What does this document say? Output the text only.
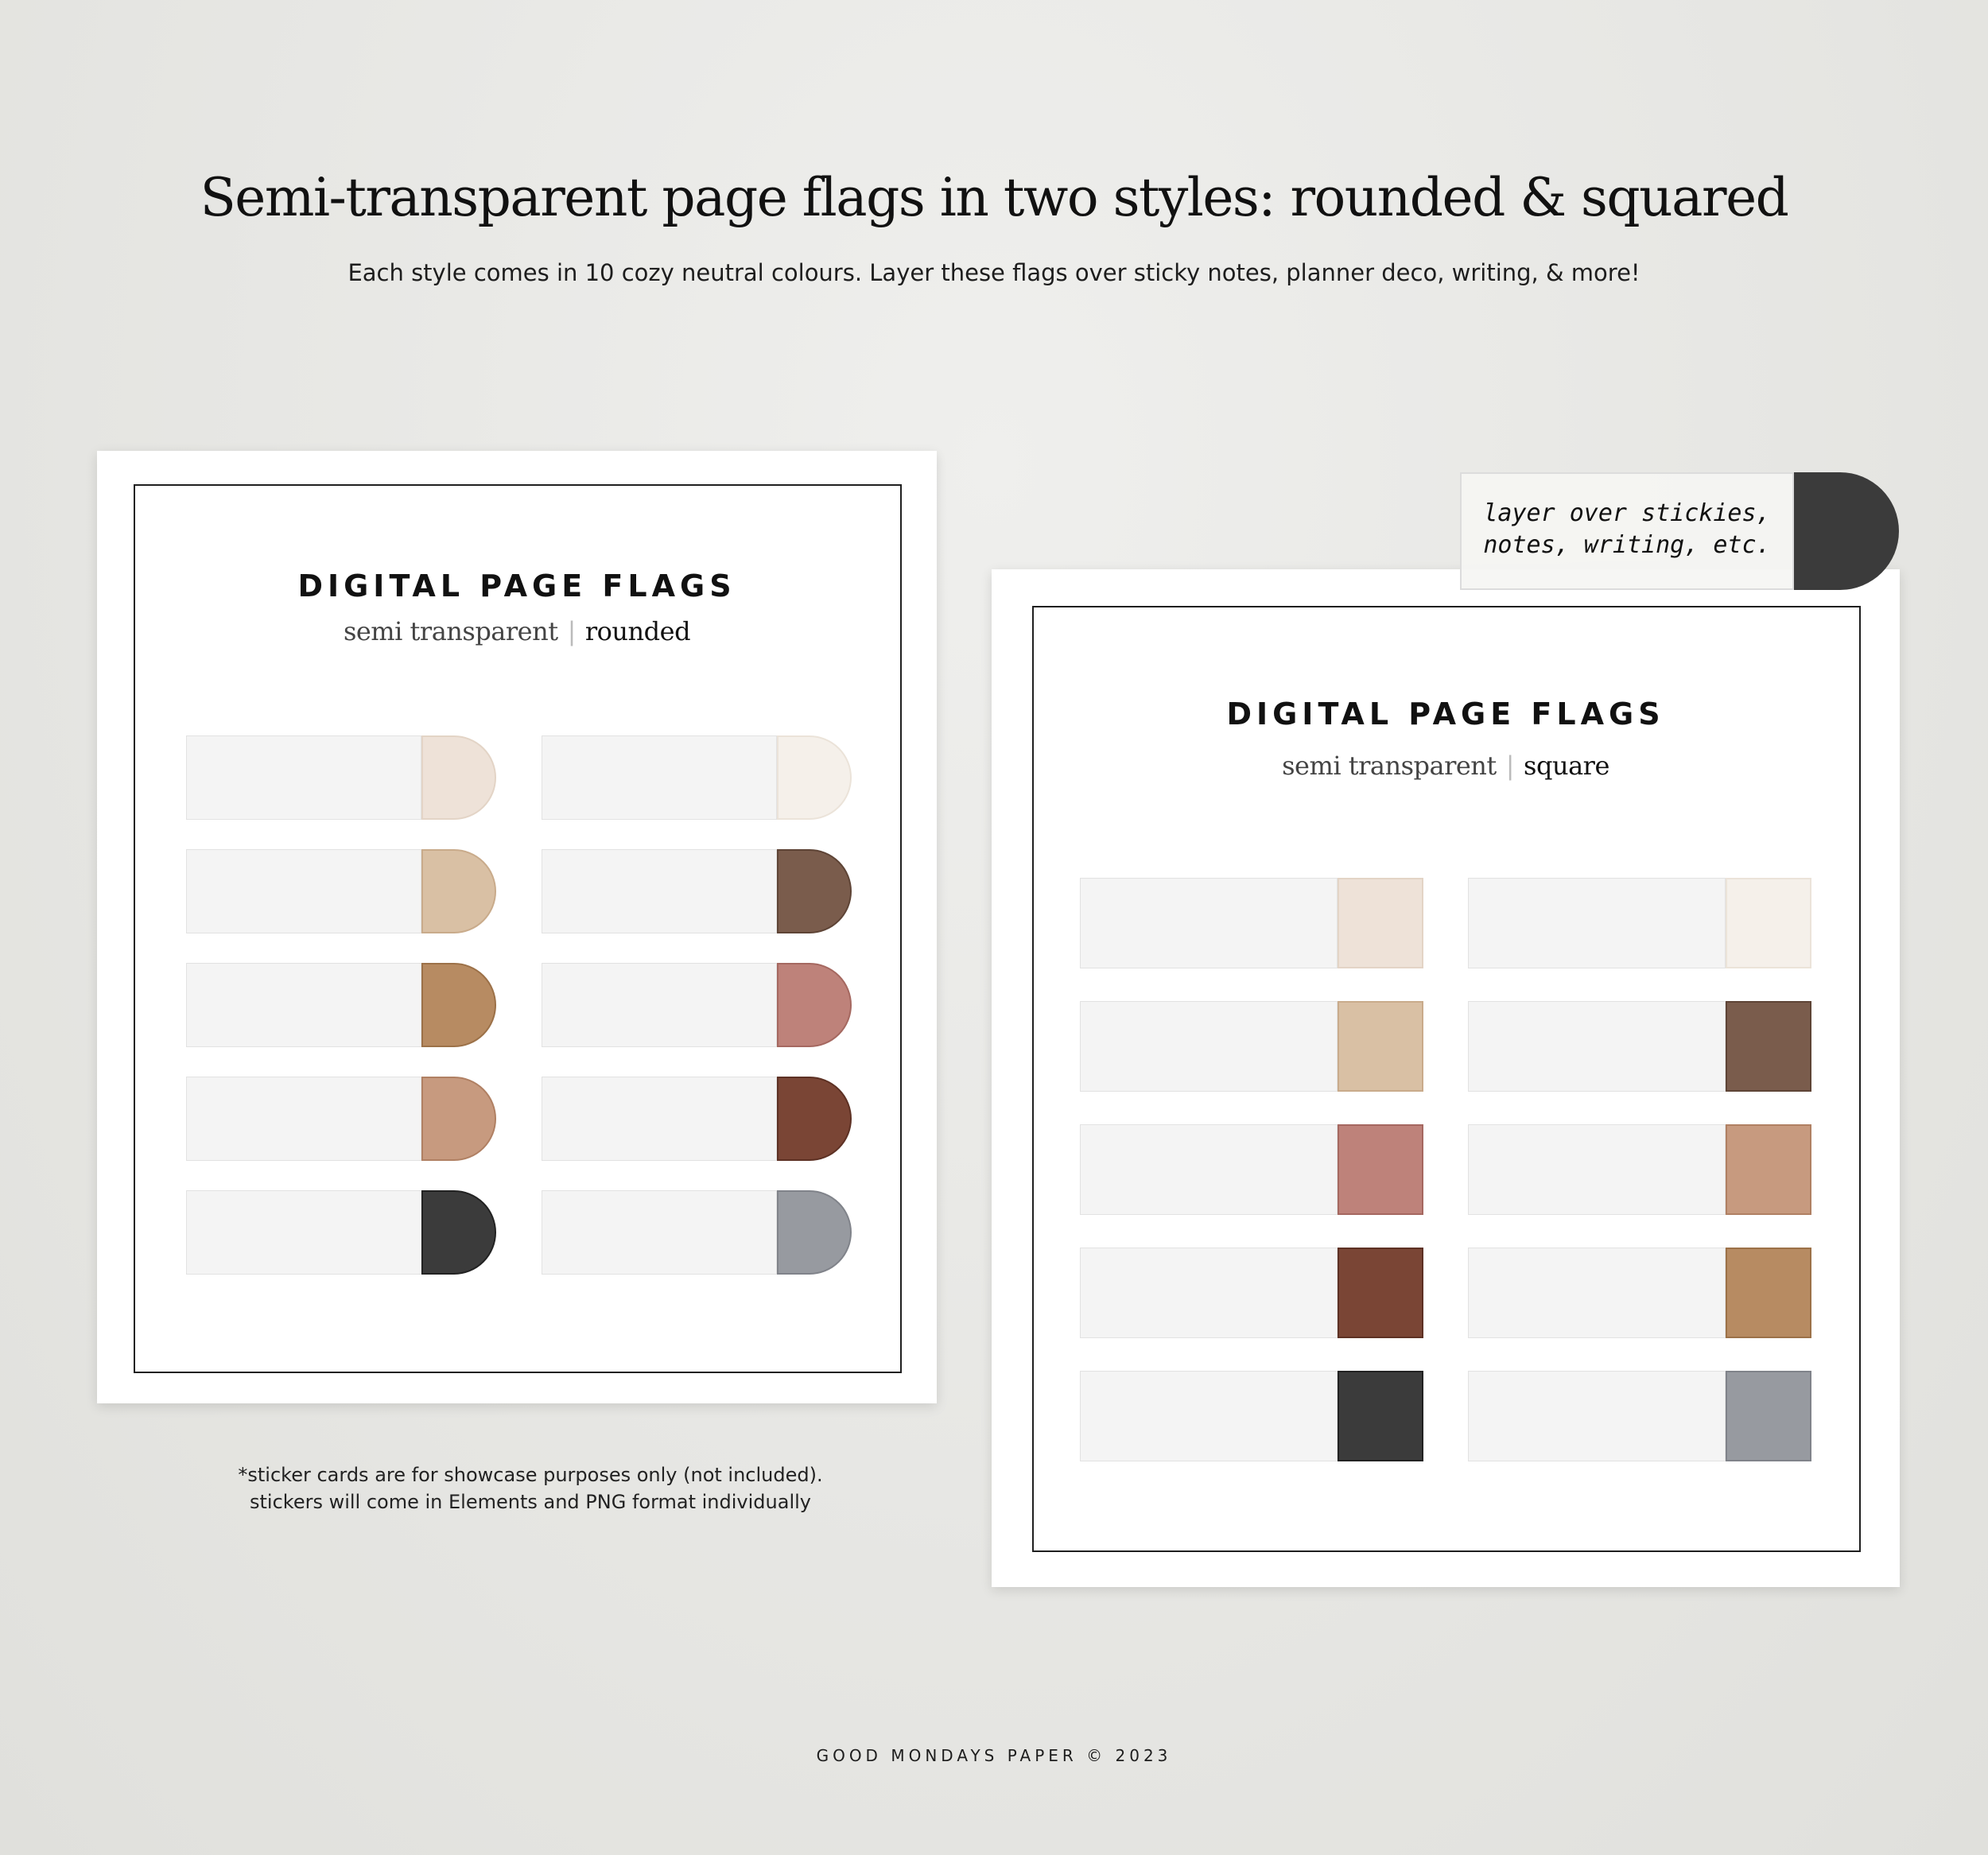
Semi-transparent page flags in two styles: rounded & squared
Each style comes in 10 cozy neutral colours. Layer these flags over sticky notes, planner deco, writing, & more!
DIGITAL PAGE FLAGS
semi transparent | rounded
DIGITAL PAGE FLAGS
semi transparent | square
layer over stickies,
notes, writing, etc.
*sticker cards are for showcase purposes only (not included).
stickers will come in Elements and PNG format individually
GOOD MONDAYS PAPER © 2023
